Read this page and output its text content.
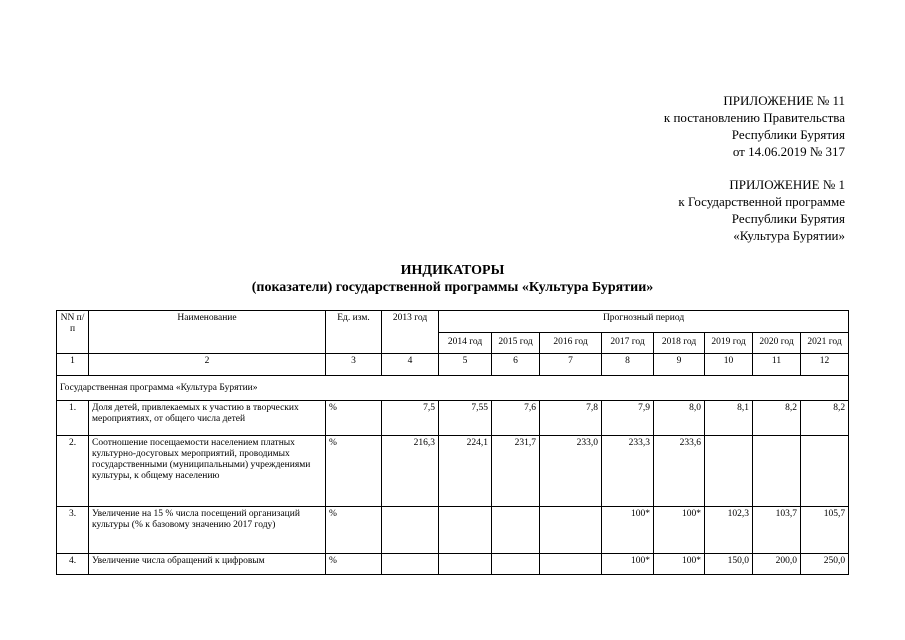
ПРИЛОЖЕНИЕ № 11
к постановлению Правительства
Республики Бурятия
от 14.06.2019 № 317
ПРИЛОЖЕНИЕ № 1
к Государственной программе
Республики Бурятия
«Культура Бурятии»
ИНДИКАТОРЫ
(показатели) государственной программы «Культура Бурятии»
NN п/п	Наименование	Ед. изм.	2013 год	Прогнозный период							
				2014 год	2015 год	2016 год	2017 год	2018 год	2019 год	2020 год	2021 год
1	2	3	4	5	6	7	8	9	10	11	12
Государственная программа «Культура Бурятии»											
1.	Доля детей, привлекаемых к участию в творческих мероприятиях, от общего числа детей	%	7,5	7,55	7,6	7,8	7,9	8,0	8,1	8,2	8,2
2.	Соотношение посещаемости населением платных культурно-досуговых мероприятий, проводимых государственными (муниципальными) учреждениями культуры, к общему населению	%	216,3	224,1	231,7	233,0	233,3	233,6			
3.	Увеличение на 15 % числа посещений организаций культуры (% к базовому значению 2017 году)	%					100*	100*	102,3	103,7	105,7
4.	Увеличение числа обращений к цифровым	%					100*	100*	150,0	200,0	250,0
